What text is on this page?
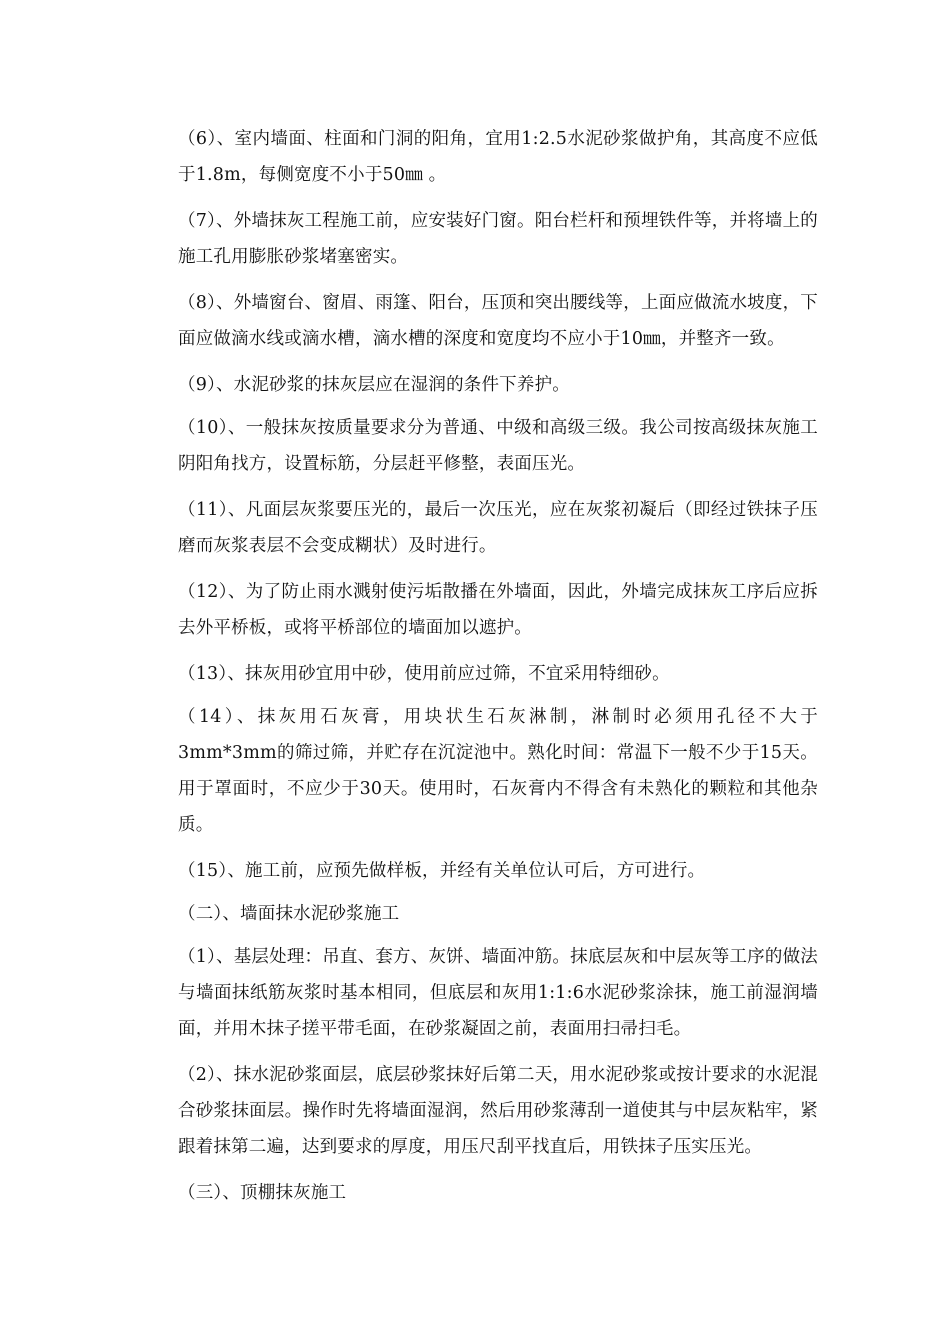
（6）、室内墙面、柱面和门洞的阳角，宜用1:2.5水泥砂浆做护角，其高度不应低于1.8m，每侧宽度不小于50㎜ 。

（7）、外墙抹灰工程施工前，应安装好门窗。阳台栏杆和预埋铁件等，并将墙上的施工孔用膨胀砂浆堵塞密实。

（8）、外墙窗台、窗眉、雨篷、阳台，压顶和突出腰线等，上面应做流水坡度，下面应做滴水线或滴水槽，滴水槽的深度和宽度均不应小于10㎜，并整齐一致。

（9）、水泥砂浆的抹灰层应在湿润的条件下养护。

（10）、一般抹灰按质量要求分为普通、中级和高级三级。我公司按高级抹灰施工阴阳角找方，设置标筋，分层赶平修整，表面压光。

（11）、凡面层灰浆要压光的，最后一次压光，应在灰浆初凝后（即经过铁抹子压磨而灰浆表层不会变成糊状）及时进行。

（12）、为了防止雨水溅射使污垢散播在外墙面，因此，外墙完成抹灰工序后应拆去外平桥板，或将平桥部位的墙面加以遮护。

（13）、抹灰用砂宜用中砂，使用前应过筛，不宜采用特细砂。

（14）、抹灰用石灰膏，用块状生石灰淋制，淋制时必须用孔径不大于3mm*3mm的筛过筛，并贮存在沉淀池中。熟化时间：常温下一般不少于15天。用于罩面时，不应少于30天。使用时，石灰膏内不得含有未熟化的颗粒和其他杂质。

（15）、施工前，应预先做样板，并经有关单位认可后，方可进行。

（二）、墙面抹水泥砂浆施工

（1）、基层处理：吊直、套方、灰饼、墙面冲筋。抹底层灰和中层灰等工序的做法与墙面抹纸筋灰浆时基本相同，但底层和灰用1:1:6水泥砂浆涂抹，施工前湿润墙面，并用木抹子搓平带毛面，在砂浆凝固之前，表面用扫帚扫毛。

（2）、抹水泥砂浆面层，底层砂浆抹好后第二天，用水泥砂浆或按计要求的水泥混合砂浆抹面层。操作时先将墙面湿润，然后用砂浆薄刮一道使其与中层灰粘牢，紧跟着抹第二遍，达到要求的厚度，用压尺刮平找直后，用铁抹子压实压光。

（三）、顶棚抹灰施工
